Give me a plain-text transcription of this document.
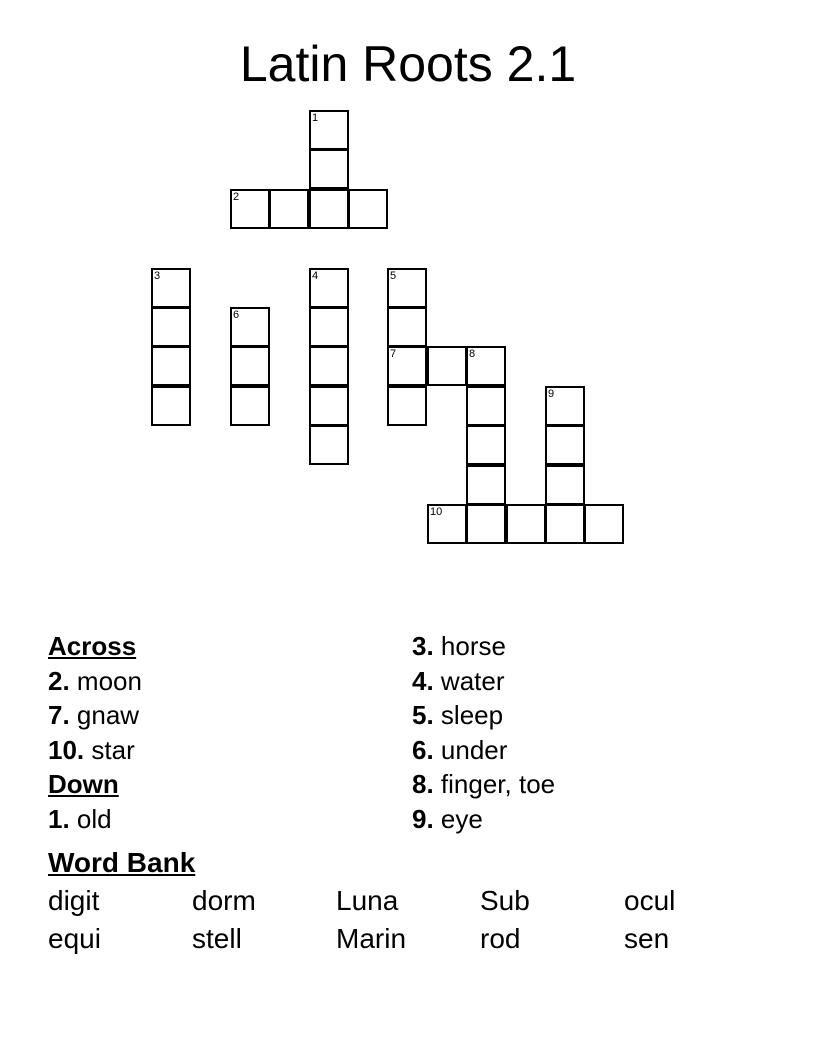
Latin Roots 2.1
1
2
3
6
4	5
7	8
9
10
Across
2. moon
7. gnaw
10. star
Down
1. old
3. horse
4. water
5. sleep
6. under
8. finger, toe
9. eye
Word Bank
digit	dorm	Luna	Sub	ocul
equi	stell	Marin	rod	sen
